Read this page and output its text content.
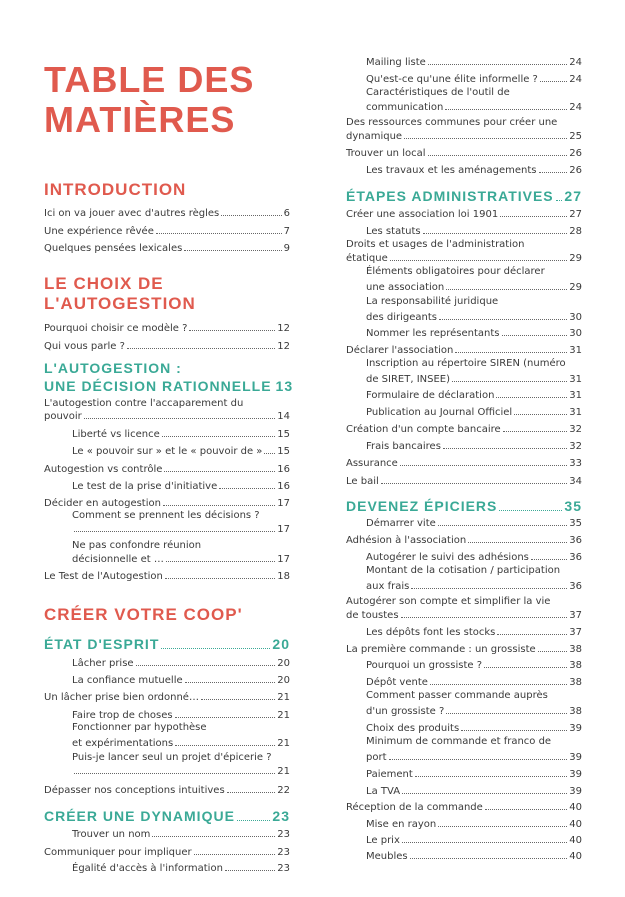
TABLE DES
MATIÈRES
INTRODUCTION
Ici on va jouer avec d'autres règles	6
Une expérience rêvée	7
Quelques pensées lexicales	9
LE CHOIX DE
L'AUTOGESTION
Pourquoi choisir ce modèle ?	12
Qui vous parle ?	12
L'AUTOGESTION :
UNE DÉCISION RATIONNELLE 13
L'autogestion contre l'accaparement du
pouvoir	14
Liberté vs licence	15
Le « pouvoir sur » et le « pouvoir de » 15
Autogestion vs contrôle	16
Le test de la prise d'initiative	16
Décider en autogestion	17
Comment se prennent les décisions ?
17
Ne pas confondre réunion
décisionnelle et …	17
Le Test de l'Autogestion	18
CRÉER VOTRE COOP'
ÉTAT D'ESPRIT	20
Lâcher prise	20
La confiance mutuelle	20
Un lâcher prise bien ordonné…	21
Faire trop de choses	21
Fonctionner par hypothèse
et expérimentations	21
Puis-je lancer seul un projet d'épicerie ?
21
Dépasser nos conceptions intuitives	22
CRÉER UNE DYNAMIQUE	23
Trouver un nom	23
Communiquer pour impliquer	23
Égalité d'accès à l'information	23
Mailing liste	24
Qu'est-ce qu'une élite informelle ?	24
Caractéristiques de l'outil de
communication	24
Des ressources communes pour créer une
dynamique	25
Trouver un local	26
Les travaux et les aménagements	26
ÉTAPES ADMINISTRATIVES 27
Créer une association loi 1901	27
Les statuts	28
Droits et usages de l'administration
étatique	29
Éléments obligatoires pour déclarer
une association	29
La responsabilité juridique
des dirigeants	30
Nommer les représentants	30
Déclarer l'association	31
Inscription au répertoire SIREN (numéro
de SIRET, INSEE)	31
Formulaire de déclaration	31
Publication au Journal Officiel	31
Création d'un compte bancaire	32
Frais bancaires	32
Assurance	33
Le bail	34
DEVENEZ ÉPICIERS	35
Démarrer vite	35
Adhésion à l'association	36
Autogérer le suivi des adhésions	36
Montant de la cotisation / participation
aux frais	36
Autogérer son compte et simplifier la vie
de toustes	37
Les dépôts font les stocks	37
La première commande : un grossiste	38
Pourquoi un grossiste ?	38
Dépôt vente	38
Comment passer commande auprès
d'un grossiste ?	38
Choix des produits	39
Minimum de commande et franco de
port	39
Paiement	39
La TVA	39
Réception de la commande	40
Mise en rayon	40
Le prix	40
Meubles	40
